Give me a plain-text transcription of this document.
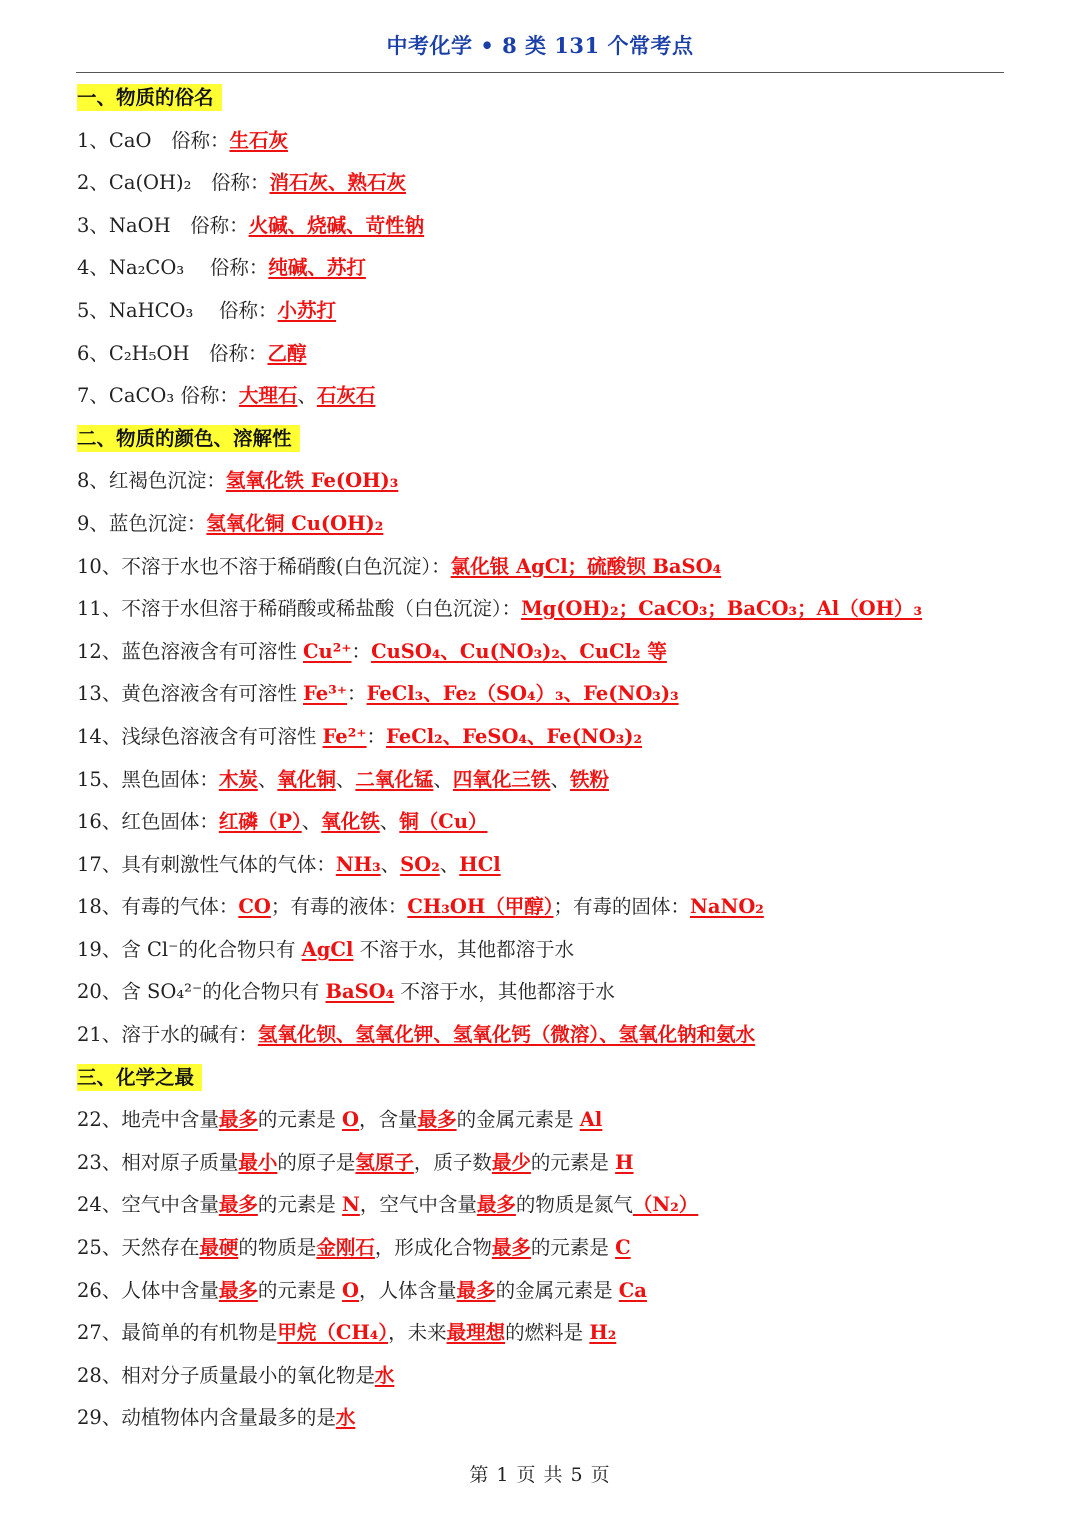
中考化学 • 8 类 131 个常考点
一、物质的俗名
1、CaO　俗称：生石灰
2、Ca(OH)₂　俗称：消石灰、熟石灰
3、NaOH　俗称：火碱、烧碱、苛性钠
4、Na₂CO₃　 俗称：纯碱、苏打
5、NaHCO₃　 俗称：小苏打
6、C₂H₅OH　俗称：乙醇
7、CaCO₃ 俗称：大理石、石灰石
二、物质的颜色、溶解性
8、红褐色沉淀：氢氧化铁 Fe(OH)₃
9、蓝色沉淀：氢氧化铜 Cu(OH)₂
10、不溶于水也不溶于稀硝酸(白色沉淀）：氯化银 AgCl；硫酸钡 BaSO₄
11、不溶于水但溶于稀硝酸或稀盐酸（白色沉淀）：Mg(OH)₂；CaCO₃；BaCO₃；Al（OH）₃
12、蓝色溶液含有可溶性 Cu²⁺：CuSO₄、Cu(NO₃)₂、CuCl₂ 等
13、黄色溶液含有可溶性 Fe³⁺：FeCl₃、Fe₂（SO₄）₃、Fe(NO₃)₃
14、浅绿色溶液含有可溶性 Fe²⁺：FeCl₂、FeSO₄、Fe(NO₃)₂
15、黑色固体：木炭、氧化铜、二氧化锰、四氧化三铁、铁粉
16、红色固体：红磷（P）、氧化铁、铜（Cu）
17、具有刺激性气体的气体：NH₃、SO₂、HCl
18、有毒的气体：CO；有毒的液体：CH₃OH（甲醇）；有毒的固体：NaNO₂
19、含 Cl⁻的化合物只有 AgCl 不溶于水，其他都溶于水
20、含 SO₄²⁻的化合物只有 BaSO₄ 不溶于水，其他都溶于水
21、溶于水的碱有：氢氧化钡、氢氧化钾、氢氧化钙（微溶）、氢氧化钠和氨水
三、化学之最
22、地壳中含量最多的元素是 O，含量最多的金属元素是 Al
23、相对原子质量最小的原子是氢原子，质子数最少的元素是 H
24、空气中含量最多的元素是 N，空气中含量最多的物质是氮气（N₂）
25、天然存在最硬的物质是金刚石，形成化合物最多的元素是 C
26、人体中含量最多的元素是 O，人体含量最多的金属元素是 Ca
27、最简单的有机物是甲烷（CH₄），未来最理想的燃料是 H₂
28、相对分子质量最小的氧化物是水
29、动植物体内含量最多的是水
第 1 页 共 5 页
